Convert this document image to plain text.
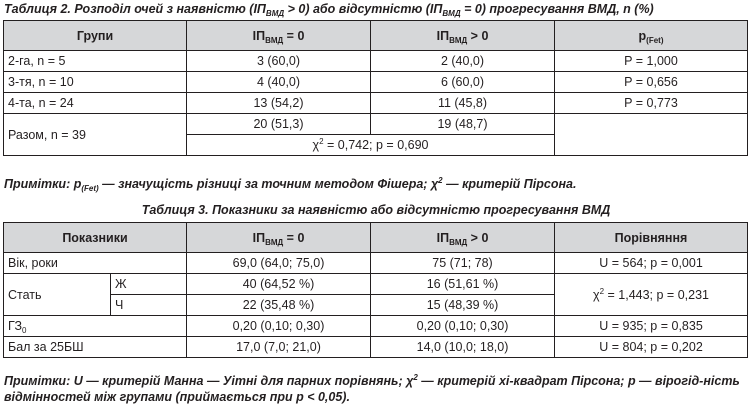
Таблиця 2. Розподіл очей з наявністю $(ІП_{ВМД} > 0)$ або відсутністю $(ІП_{ВМД} = 0)$ прогресування ВМД, n (%)
Групи	$ІП_{ВМД} = 0$	$ІП_{ВМД} > 0$	$p_{(Fet)}$
2-га, n = 5	3 (60,0)	2 (40,0)	P = 1,000
3-тя, n = 10	4 (40,0)	6 (60,0)	P = 0,656
4-та, n = 24	13 (54,2)	11 (45,8)	P = 0,773
Разом, n = 39	20 (51,3)	19 (48,7)	
	$\chi^2 = 0,742$; p = 0,690		
Примітки: $p_{(Fet)}$ — значущість різниці за точним методом Фішера; $\chi^2$ — критерій Пірсона.
Таблиця 3. Показники за наявністю або відсутністю прогресування ВМД
Показники		$ІП_{ВМД} = 0$	$ІП_{ВМД} > 0$	Порівняння
Вік, роки		69,0 (64,0; 75,0)	75 (71; 78)	U = 564; p = 0,001
Стать	Ж	40 (64,52 %)	16 (51,61 %)	$\chi^2 = 1,443$; p = 0,231
	Ч	22 (35,48 %)	15 (48,39 %)	
$ГЗ_0$		0,20 (0,10; 0,30)	0,20 (0,10; 0,30)	U = 935; p = 0,835
Бал за 25БШ		17,0 (7,0; 21,0)	14,0 (10,0; 18,0)	U = 804; p = 0,202
Примітки: U — критерій Манна — Уітні для парних порівнянь; $\chi^2$ — критерій хі-квадрат Пірсона; p — вірогід-ність відмінностей між групами (приймається при p < 0,05).
